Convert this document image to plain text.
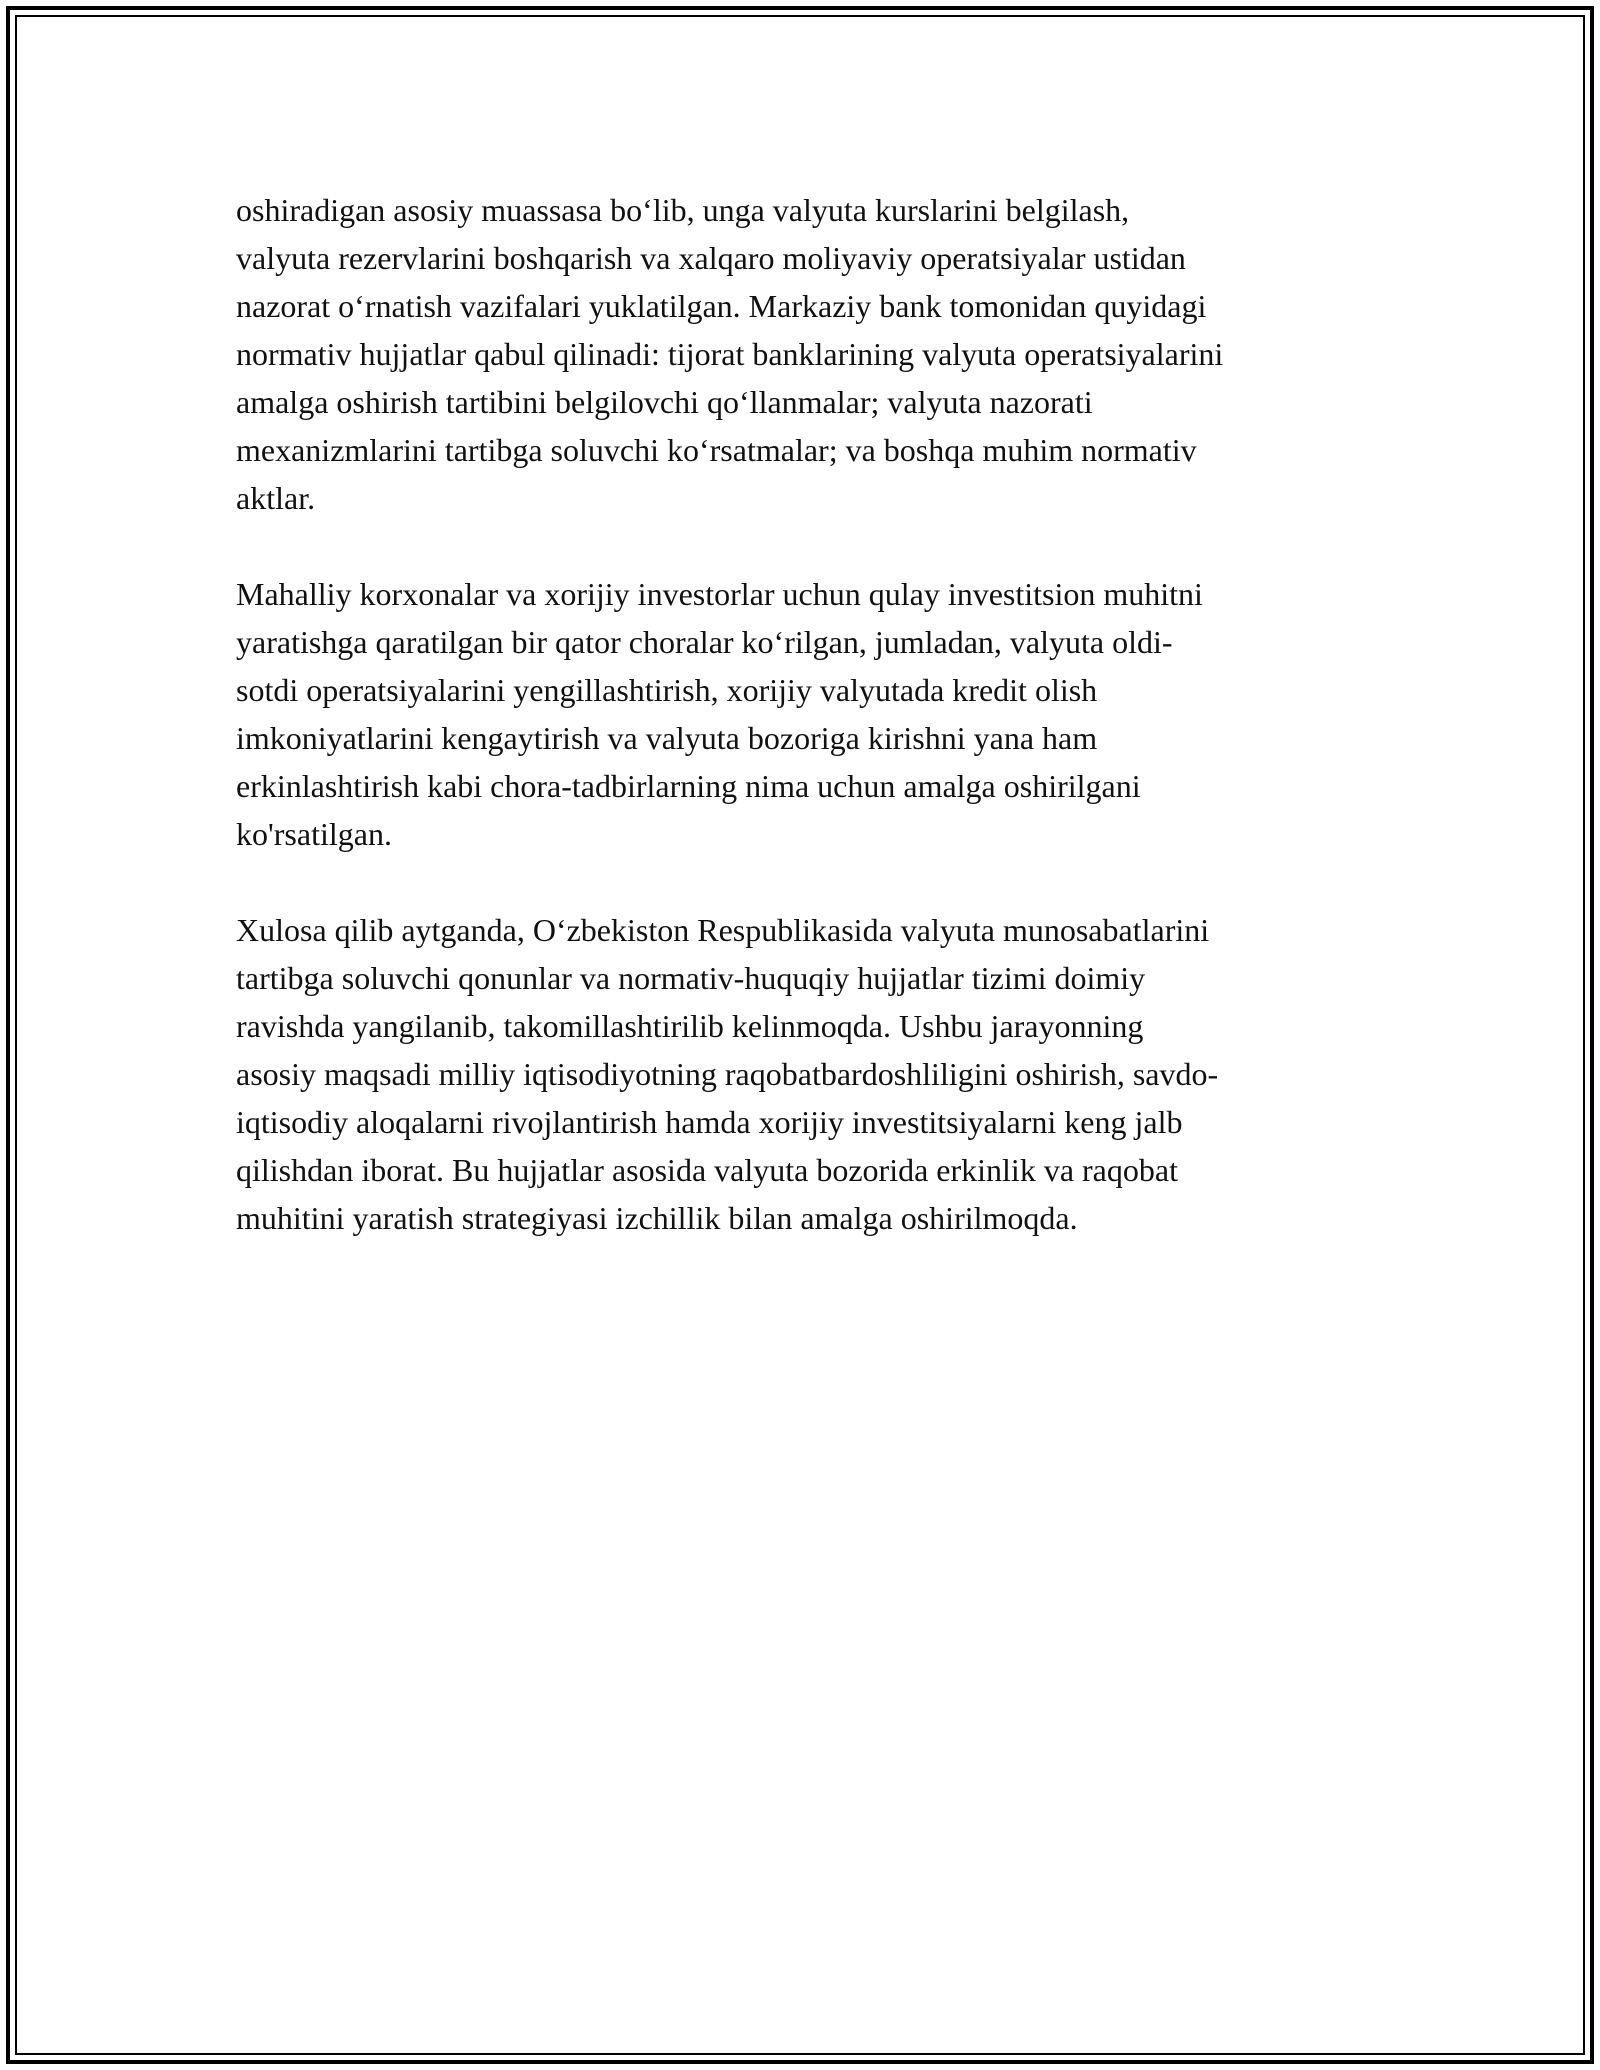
oshiradigan asosiy muassasa bo‘lib, unga valyuta kurslarini belgilash,
valyuta rezervlarini boshqarish va xalqaro moliyaviy operatsiyalar ustidan
nazorat o‘rnatish vazifalari yuklatilgan. Markaziy bank tomonidan quyidagi
normativ hujjatlar qabul qilinadi: tijorat banklarining valyuta operatsiyalarini
amalga oshirish tartibini belgilovchi qo‘llanmalar; valyuta nazorati
mexanizmlarini tartibga soluvchi ko‘rsatmalar; va boshqa muhim normativ
aktlar.

Mahalliy korxonalar va xorijiy investorlar uchun qulay investitsion muhitni
yaratishga qaratilgan bir qator choralar ko‘rilgan, jumladan, valyuta oldi-
sotdi operatsiyalarini yengillashtirish, xorijiy valyutada kredit olish
imkoniyatlarini kengaytirish va valyuta bozoriga kirishni yana ham
erkinlashtirish kabi chora-tadbirlarning nima uchun amalga oshirilgani
ko'rsatilgan.

Xulosa qilib aytganda, O‘zbekiston Respublikasida valyuta munosabatlarini
tartibga soluvchi qonunlar va normativ-huquqiy hujjatlar tizimi doimiy
ravishda yangilanib, takomillashtirilib kelinmoqda. Ushbu jarayonning
asosiy maqsadi milliy iqtisodiyotning raqobatbardoshliligini oshirish, savdo-
iqtisodiy aloqalarni rivojlantirish hamda xorijiy investitsiyalarni keng jalb
qilishdan iborat. Bu hujjatlar asosida valyuta bozorida erkinlik va raqobat
muhitini yaratish strategiyasi izchillik bilan amalga oshirilmoqda.
